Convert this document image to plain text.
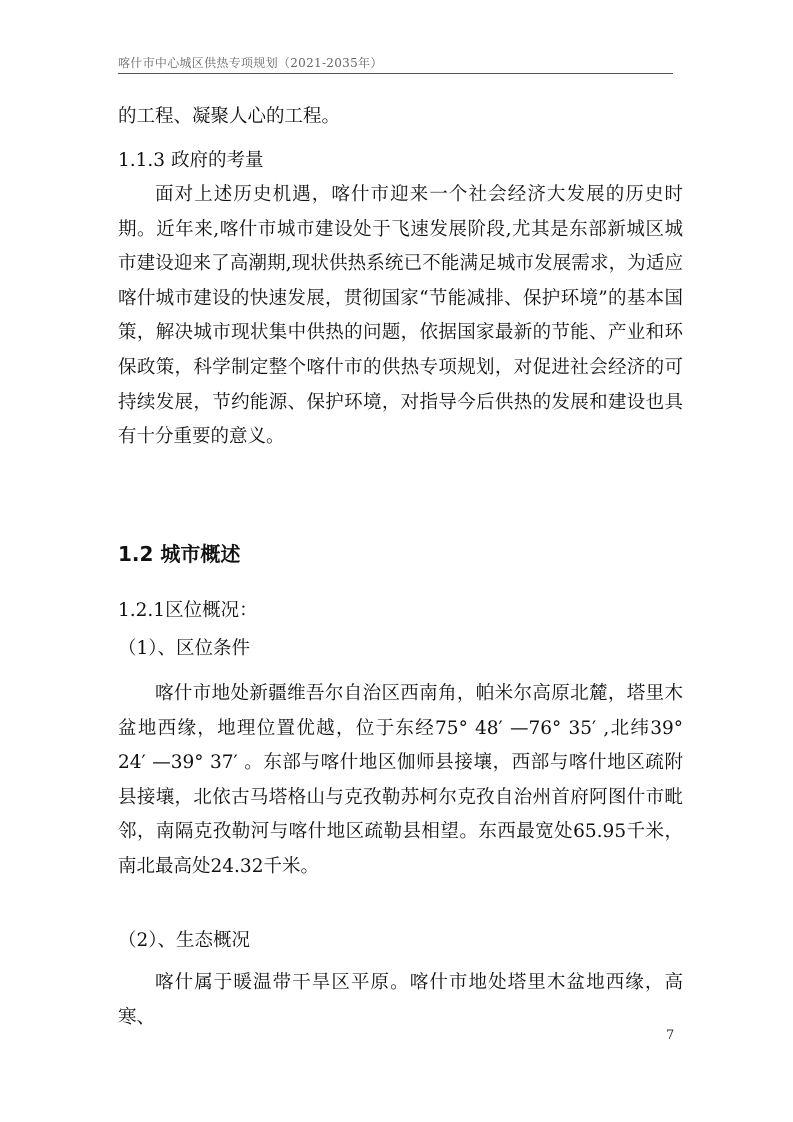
喀什市中心城区供热专项规划（2021-2035年）
的工程、凝聚人心的工程。
1.1.3 政府的考量

面对上述历史机遇，喀什市迎来一个社会经济大发展的历史时期。近年来,喀什市城市建设处于飞速发展阶段,尤其是东部新城区城市建设迎来了高潮期,现状供热系统已不能满足城市发展需求，为适应喀什城市建设的快速发展，贯彻国家“节能减排、保护环境”的基本国策，解决城市现状集中供热的问题，依据国家最新的节能、产业和环保政策，科学制定整个喀什市的供热专项规划，对促进社会经济的可持续发展，节约能源、保护环境，对指导今后供热的发展和建设也具有十分重要的意义。

1.2 城市概述
1.2.1区位概况：
（1）、区位条件

喀什市地处新疆维吾尔自治区西南角，帕米尔高原北麓，塔里木盆地西缘，地理位置优越，位于东经75° 48′ —76° 35′ ,北纬39° 24′ —39° 37′ 。东部与喀什地区伽师县接壤，西部与喀什地区疏附县接壤，北依古马塔格山与克孜勒苏柯尔克孜自治州首府阿图什市毗邻，南隔克孜勒河与喀什地区疏勒县相望。东西最宽处65.95千米，南北最高处24.32千米。

（2）、生态概况

喀什属于暖温带干旱区平原。喀什市地处塔里木盆地西缘，高寒、

7
